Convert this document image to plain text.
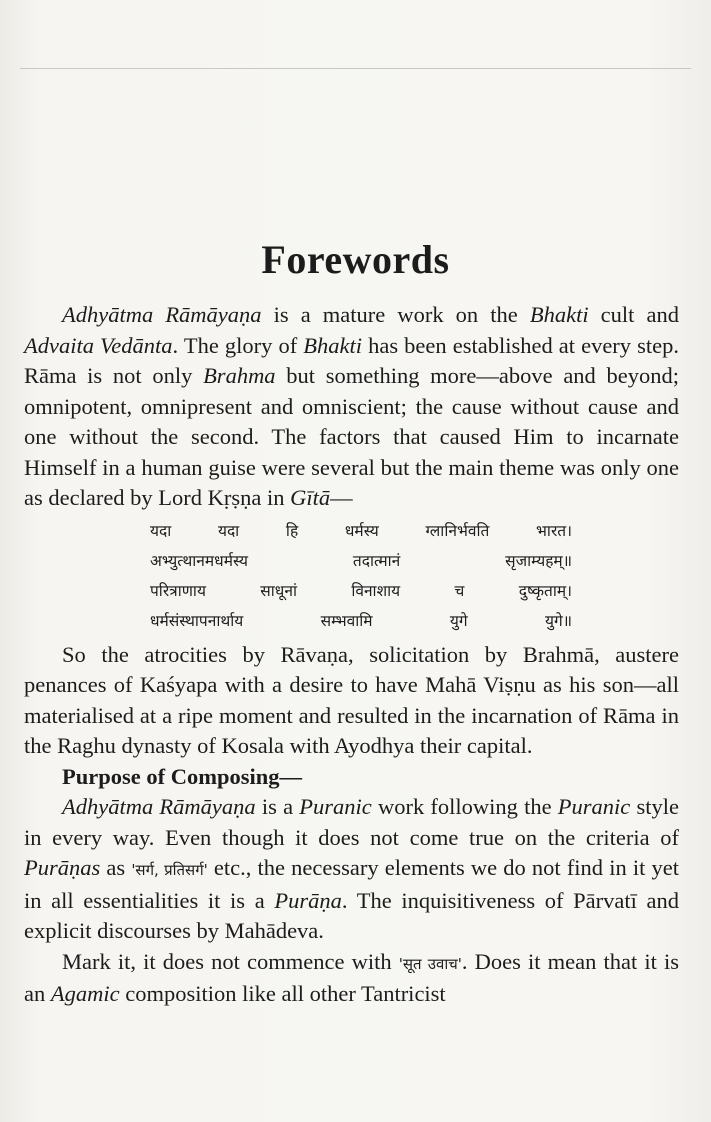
Forewords

Adhyātma Rāmāyaṇa is a mature work on the Bhakti cult and Advaita Vedānta. The glory of Bhakti has been established at every step. Rāma is not only Brahma but something more—above and beyond; omnipotent, omnipresent and omniscient; the cause without cause and one without the second. The factors that caused Him to incarnate Himself in a human guise were several but the main theme was only one as declared by Lord Kṛṣṇa in Gītā—

यदा यदा हि धर्मस्य ग्लानिर्भवति भारत।
अभ्युत्थानमधर्मस्य तदात्मानं सृजाम्यहम्॥
परित्राणाय साधूनां विनाशाय च दुष्कृताम्।
धर्मसंस्थापनार्थाय सम्भवामि युगे युगे॥

So the atrocities by Rāvaṇa, solicitation by Brahmā, austere penances of Kaśyapa with a desire to have Mahā Viṣṇu as his son—all materialised at a ripe moment and resulted in the incarnation of Rāma in the Raghu dynasty of Kosala with Ayodhya their capital.

Purpose of Composing—

Adhyātma Rāmāyaṇa is a Puranic work following the Puranic style in every way. Even though it does not come true on the criteria of Purāṇas as 'सर्ग, प्रतिसर्ग' etc., the necessary elements we do not find in it yet in all essentialities it is a Purāṇa. The inquisitiveness of Pārvatī and explicit discourses by Mahādeva.

Mark it, it does not commence with 'सूत उवाच'. Does it mean that it is an Agamic composition like all other Tantricist
